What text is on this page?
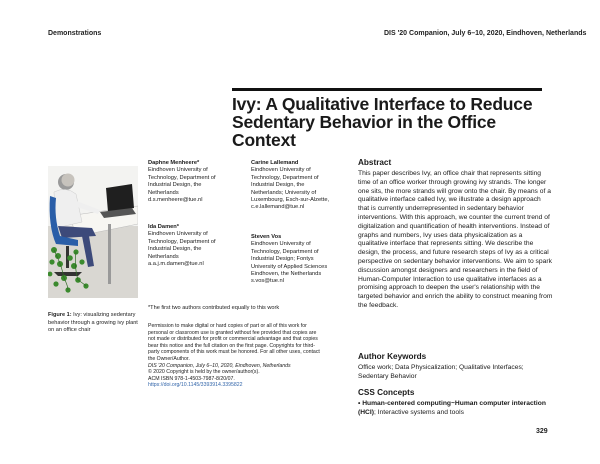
Demonstrations	DIS '20 Companion, July 6–10, 2020, Eindhoven, Netherlands
Ivy: A Qualitative Interface to Reduce Sedentary Behavior in the Office Context
Figure 1: Ivy: visualizing sedentary behavior through a growing ivy plant on an office chair
Daphne Menheere*
Eindhoven University of
Technology, Department of
Industrial Design, the
Netherlands
d.s.menheere@tue.nl
Carine Lallemand
Eindhoven University of
Technology, Department of
Industrial Design, the
Netherlands; University of
Luxembourg, Esch-sur-Alzette,
c.e.lallemand@tue.nl
Ida Damen*
Eindhoven University of
Technology, Department of
Industrial Design, the
Netherlands
a.a.j.m.damen@tue.nl
Steven Vos
Eindhoven University of
Technology, Department of
Industrial Design; Fontys
University of Applied Sciences
Eindhoven, the Netherlands
s.vos@tue.nl
*The first two authors contributed equally to this work
Permission to make digital or hard copies of part or all of this work for
personal or classroom use is granted without fee provided that copies are
not made or distributed for profit or commercial advantage and that copies
bear this notice and the full citation on the first page. Copyrights for third-
party components of this work must be honored. For all other uses, contact
the Owner/Author.
DIS '20 Companion, July 6–10, 2020, Eindhoven, Netherlands
© 2020 Copyright is held by the owner/author(s).
ACM ISBN 978-1-4503-7987-8/20/07.
https://doi.org/10.1145/3393914.3395822
Abstract
This paper describes Ivy, an office chair that represents sitting time of an office worker through growing ivy strands. The longer one sits, the more strands will grow onto the chair. By means of a qualitative interface called Ivy, we illustrate a design approach that is currently underrepresented in sedentary behavior interventions. With this approach, we counter the current trend of digitalization and quantification of health interventions. Instead of graphs and numbers, Ivy uses data physicalization as a qualitative interface that represents sitting. We describe the design, the process, and future research steps of Ivy as a critical perspective on sedentary behavior interventions. We aim to spark discussion amongst designers and researchers in the field of Human-Computer Interaction to use qualitative interfaces as a promising approach to deepen the user's relationship with the targeted behavior and enrich the ability to construct meaning from the feedback.
Author Keywords
Office work; Data Physicalization; Qualitative Interfaces; Sedentary Behavior
CSS Concepts
• Human-centered computing~Human computer interaction (HCI); Interactive systems and tools
329
